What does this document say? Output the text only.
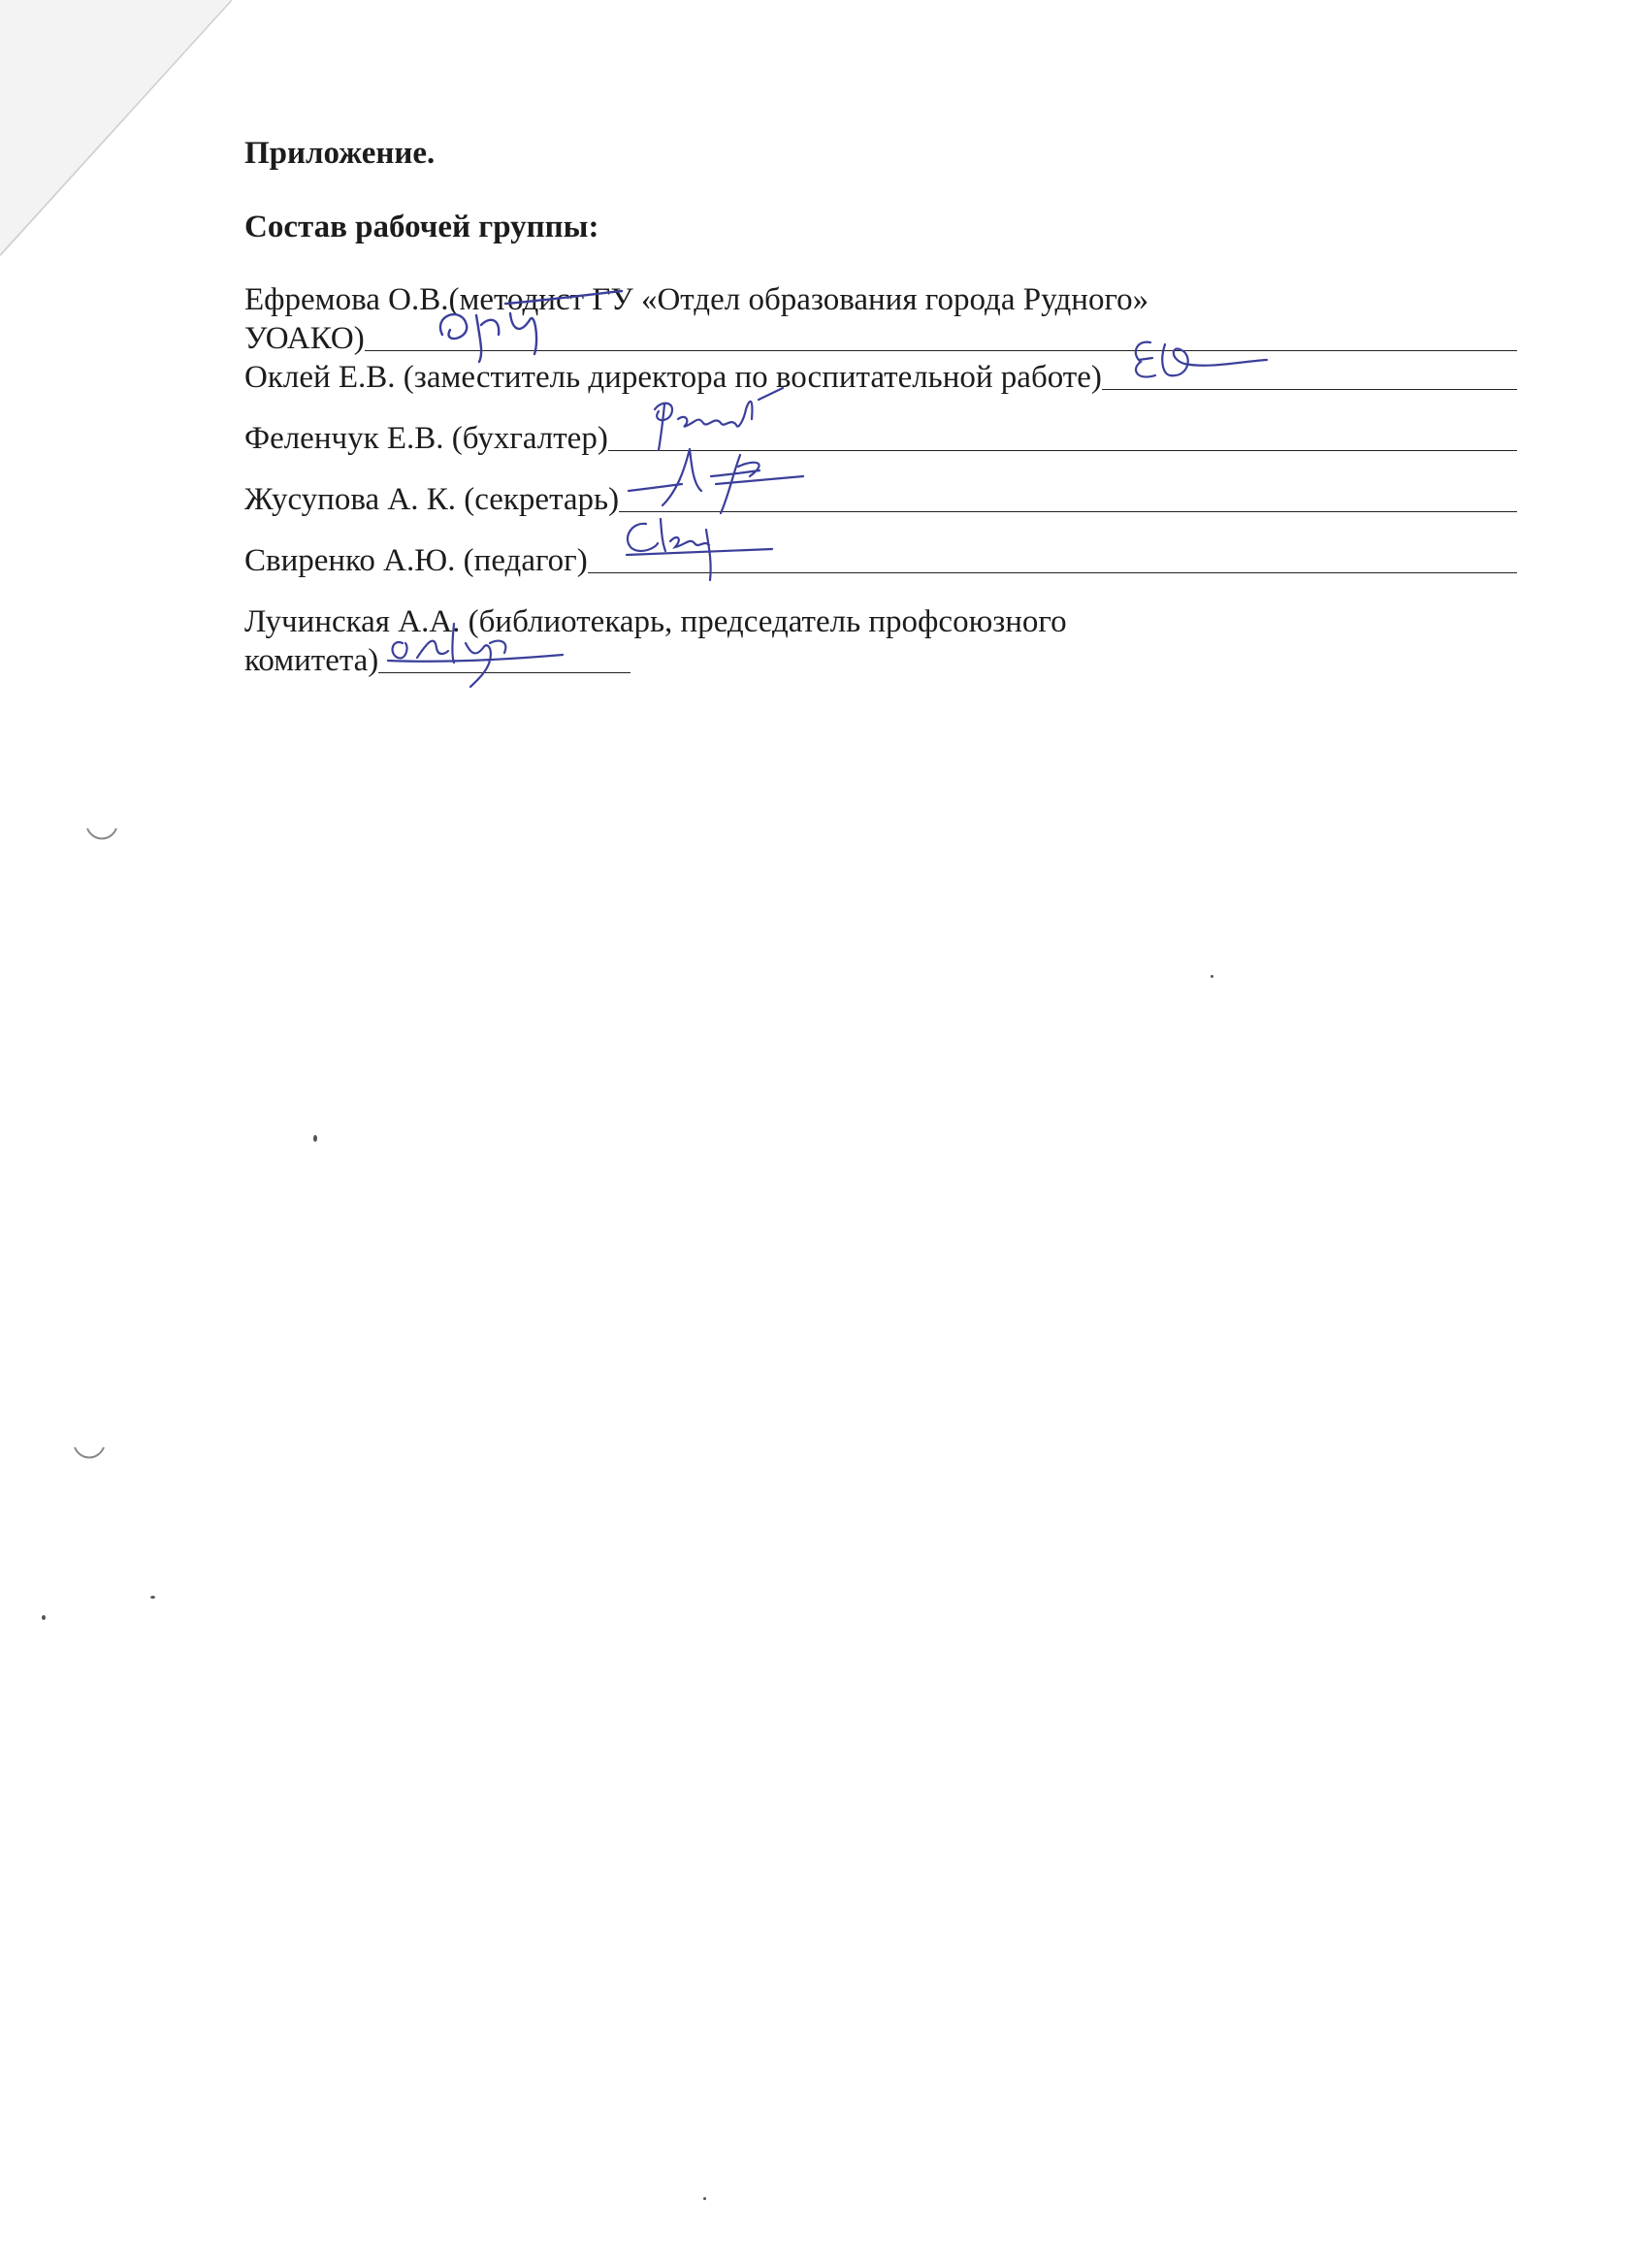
Приложение.

Состав рабочей группы:

Ефремова О.В.(методист ГУ «Отдел образования города Рудного»

УОАКО)
Оклей Е.В. (заместитель директора по воспитательной работе)
Феленчук Е.В. (бухгалтер)
Жусупова А. К. (секретарь)
Свиренко А.Ю. (педагог)

Лучинская А.А. (библиотекарь, председатель профсоюзного

комитета)
